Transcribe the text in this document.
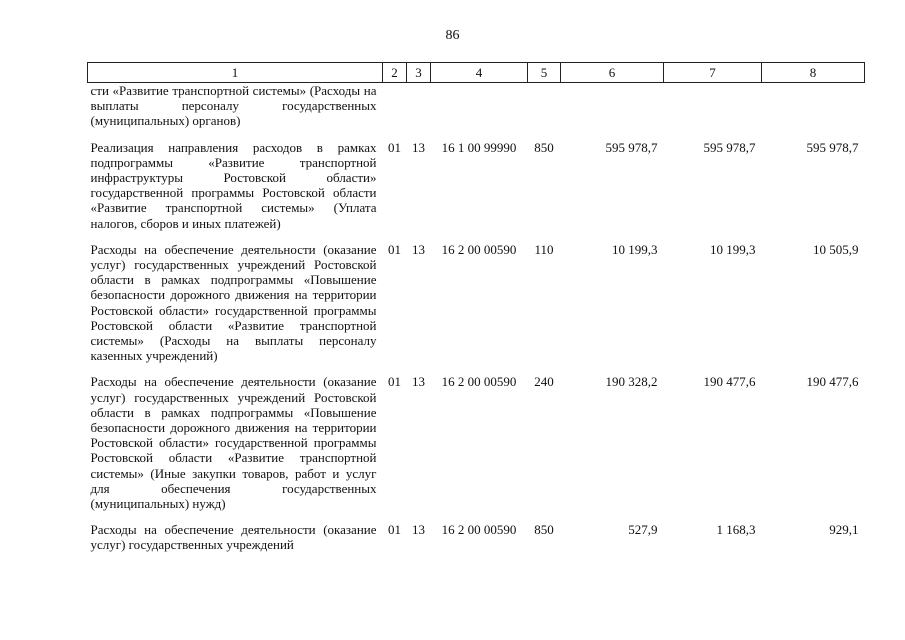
86
1	2	3	4	5	6	7	8
сти «Развитие транспортной системы» (Расходы на выплаты персоналу государственных (муниципальных) органов)							
Реализация направления расходов в рамках подпрограммы «Развитие транспортной инфраструктуры Ростовской области» государственной программы Ростовской области «Развитие транспортной системы» (Уплата налогов, сборов и иных платежей)	01	13	16 1 00 99990	850	595 978,7	595 978,7	595 978,7
Расходы на обеспечение деятельности (оказание услуг) государственных учреждений Ростовской области в рамках подпрограммы «Повышение безопасности дорожного движения на территории Ростовской области» государственной программы Ростовской области «Развитие транспортной системы» (Расходы на выплаты персоналу казенных учреждений)	01	13	16 2 00 00590	110	10 199,3	10 199,3	10 505,9
Расходы на обеспечение деятельности (оказание услуг) государственных учреждений Ростовской области в рамках подпрограммы «Повышение безопасности дорожного движения на территории Ростовской области» государственной программы Ростовской области «Развитие транспортной системы» (Иные закупки товаров, работ и услуг для обеспечения государственных (муниципальных) нужд)	01	13	16 2 00 00590	240	190 328,2	190 477,6	190 477,6
Расходы на обеспечение деятельности (оказание услуг) государственных учреждений	01	13	16 2 00 00590	850	527,9	1 168,3	929,1
